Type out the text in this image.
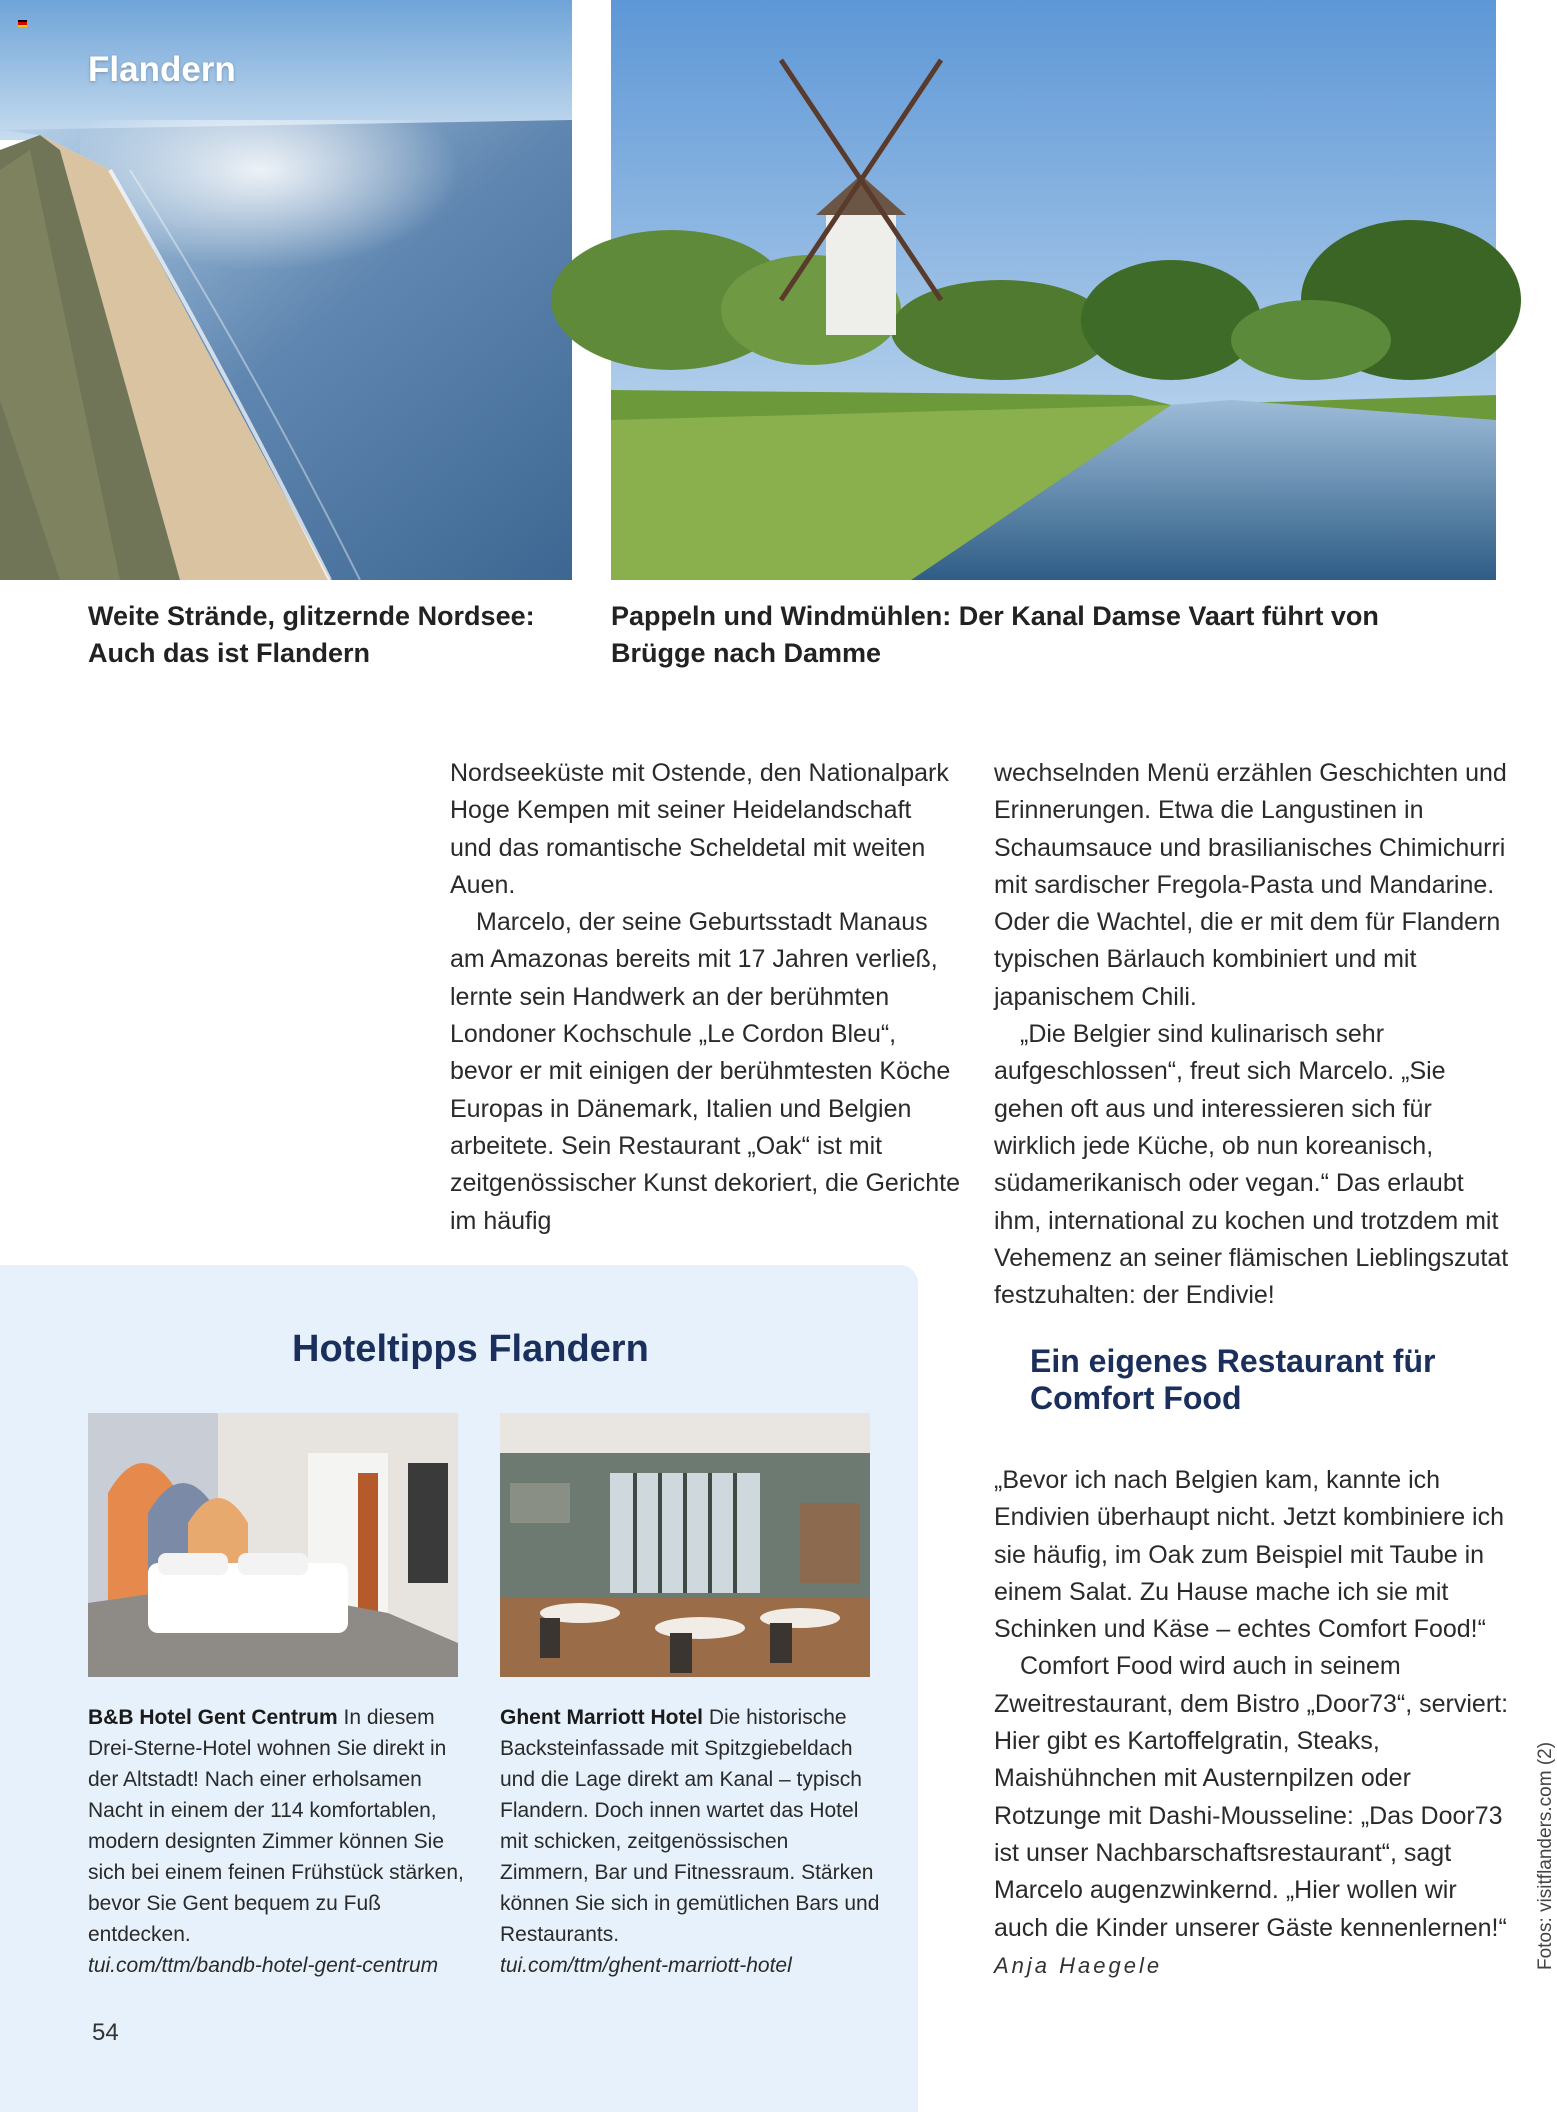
Flandern

Weite Strände, glitzernde Nordsee: Auch das ist Flandern

Pappeln und Windmühlen: Der Kanal Damse Vaart führt von Brügge nach Damme

Nordseeküste mit Ostende, den Nationalpark Hoge Kempen mit seiner Heidelandschaft und das romantische Scheldetal mit weiten Auen.

Marcelo, der seine Geburtsstadt Manaus am Amazonas bereits mit 17 Jahren verließ, lernte sein Handwerk an der berühmten Londoner Kochschule „Le Cordon Bleu“, bevor er mit einigen der berühmtesten Köche Europas in Dänemark, Italien und Belgien arbeitete. Sein Restaurant „Oak“ ist mit zeitgenössischer Kunst dekoriert, die Gerichte im häufig

wechselnden Menü erzählen Geschichten und Erinnerungen. Etwa die Langustinen in Schaumsauce und brasilianisches Chimichurri mit sardischer Fregola-Pasta und Mandarine. Oder die Wachtel, die er mit dem für Flandern typischen Bärlauch kombiniert und mit japanischem Chili.

„Die Belgier sind kulinarisch sehr aufgeschlossen“, freut sich Marcelo. „Sie gehen oft aus und interessieren sich für wirklich jede Küche, ob nun koreanisch, südamerikanisch oder vegan.“ Das erlaubt ihm, international zu kochen und trotzdem mit Vehemenz an seiner flämischen Lieblingszutat festzuhalten: der Endivie!

Ein eigenes Restaurant für Comfort Food

„Bevor ich nach Belgien kam, kannte ich Endivien überhaupt nicht. Jetzt kombiniere ich sie häufig, im Oak zum Beispiel mit Taube in einem Salat. Zu Hause mache ich sie mit Schinken und Käse – echtes Comfort Food!“

Comfort Food wird auch in seinem Zweitrestaurant, dem Bistro „Door73“, serviert: Hier gibt es Kartoffelgratin, Steaks, Maishühnchen mit Austernpilzen oder Rotzunge mit Dashi-Mousseline: „Das Door73 ist unser Nachbarschaftsrestaurant“, sagt Marcelo augenzwinkernd. „Hier wollen wir auch die Kinder unserer Gäste kennenlernen!“

Anja Haegele

Hoteltipps Flandern

B&B Hotel Gent Centrum In diesem Drei-Sterne-Hotel wohnen Sie direkt in der Altstadt! Nach einer erholsamen Nacht in einem der 114 komfortablen, modern designten Zimmer können Sie sich bei einem feinen Frühstück stärken, bevor Sie Gent bequem zu Fuß entdecken.
tui.com/ttm/bandb-hotel-gent-centrum

Ghent Marriott Hotel Die historische Backsteinfassade mit Spitzgiebeldach und die Lage direkt am Kanal – typisch Flandern. Doch innen wartet das Hotel mit schicken, zeitgenössischen Zimmern, Bar und Fitnessraum. Stärken können Sie sich in gemütlichen Bars und Restaurants.
tui.com/ttm/ghent-marriott-hotel

54
Fotos: visitflanders.com (2)
